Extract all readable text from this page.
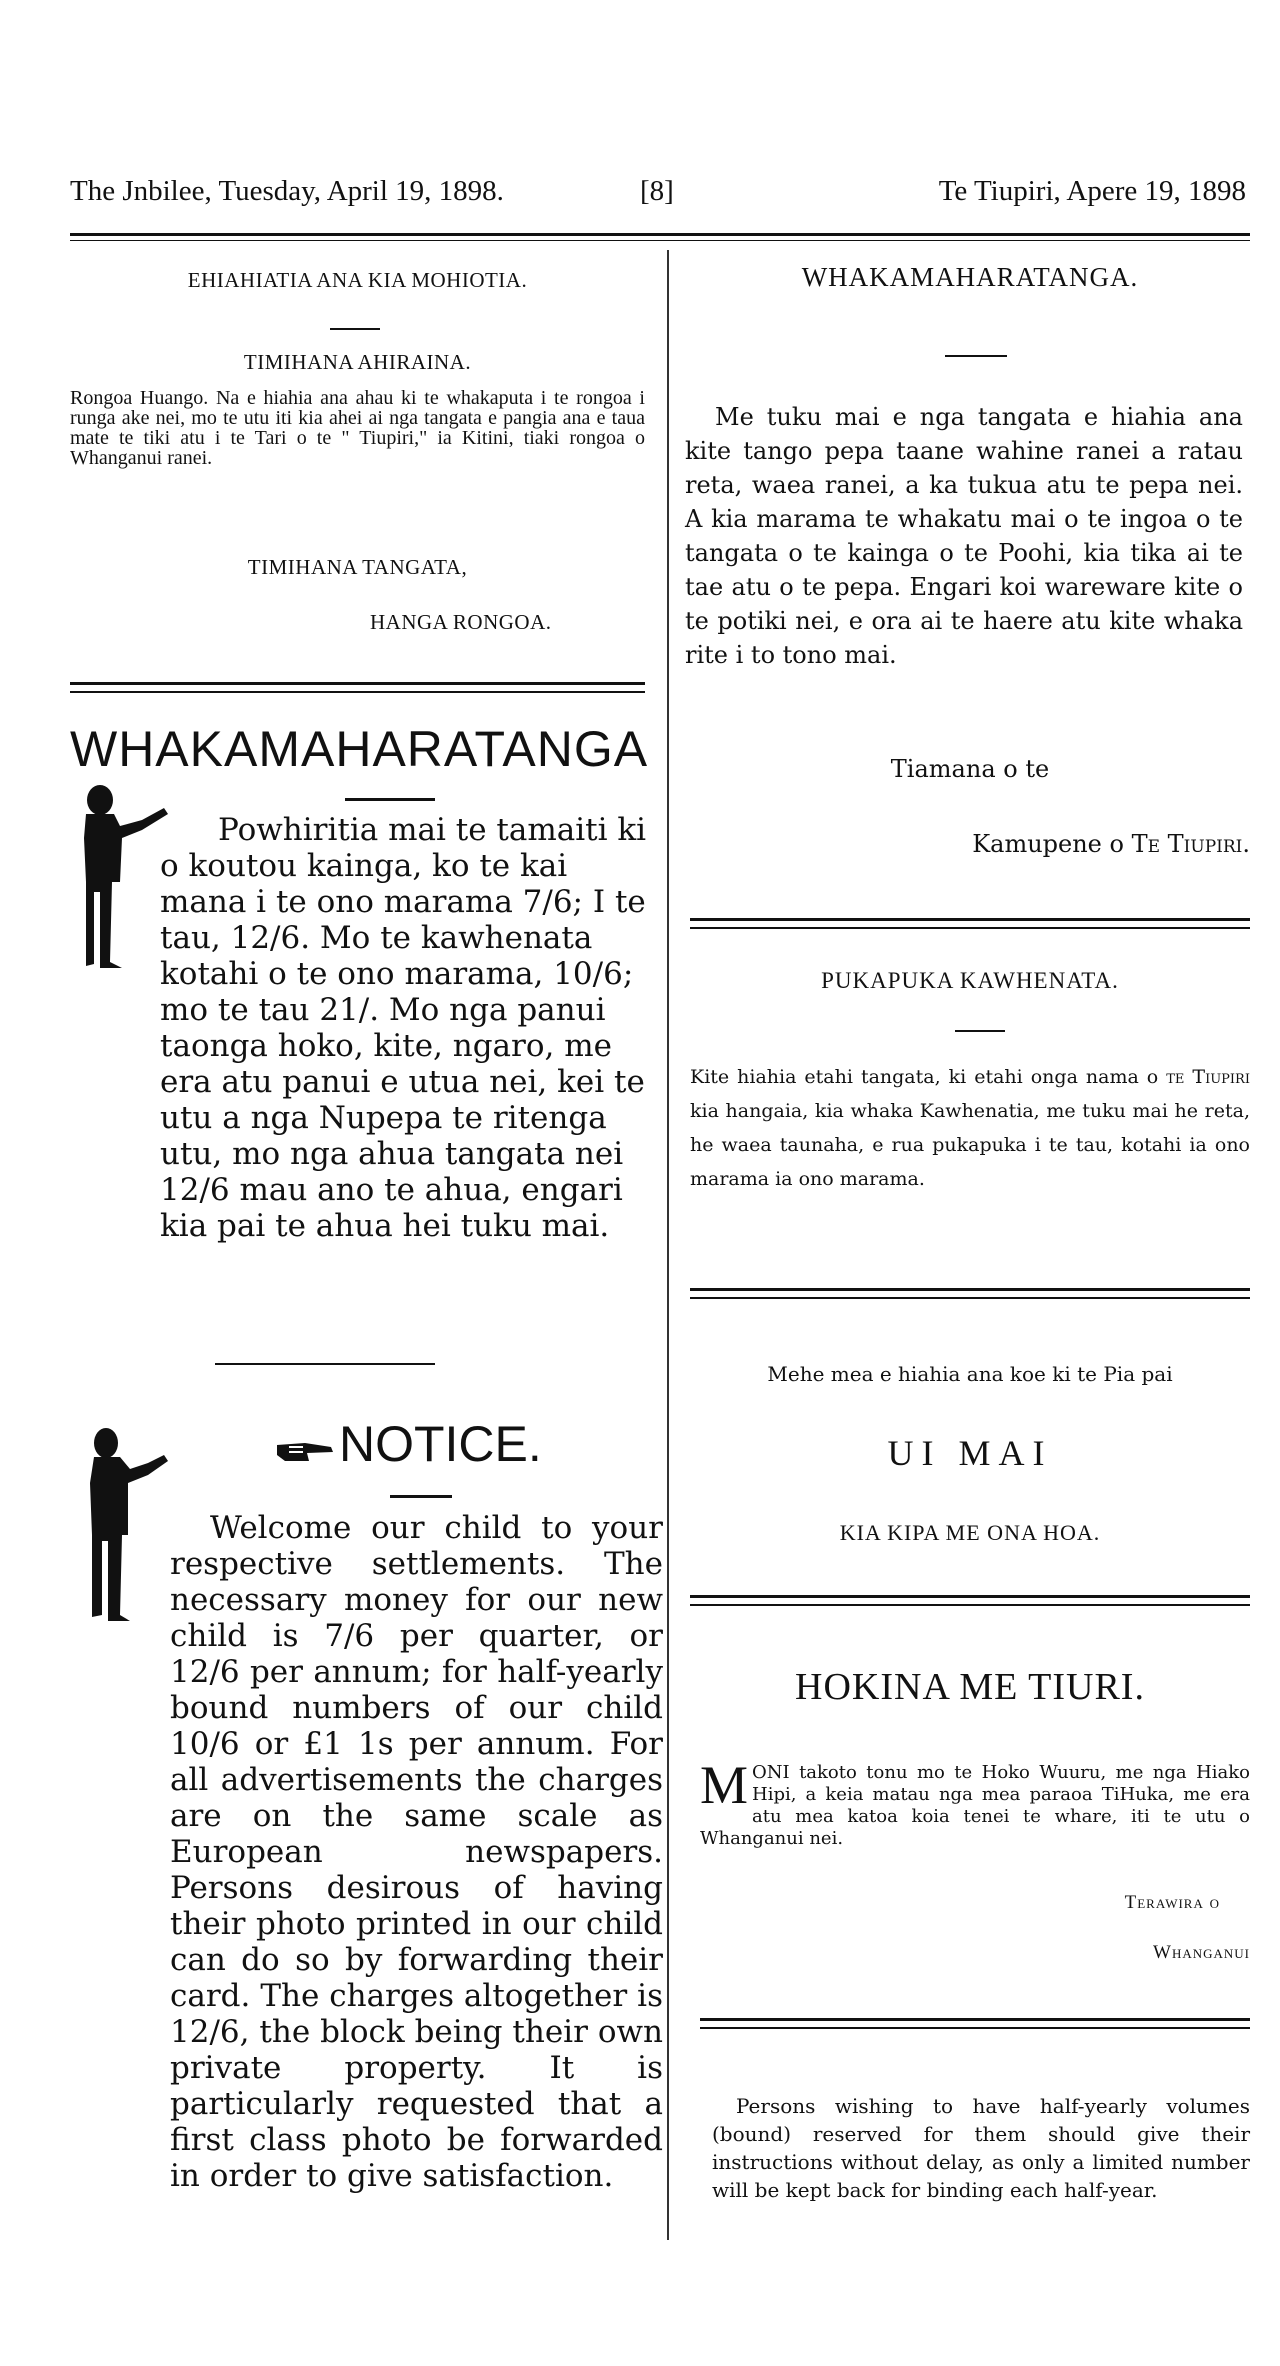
The Jnbilee, Tuesday, April 19, 1898.	[8]	Te Tiupiri, Apere 19, 1898
EHIAHIATIA ANA KIA MOHIOTIA.
TIMIHANA AHIRAINA.
Rongoa Huango. Na e hiahia ana ahau ki te whakaputa i te rongoa i runga ake nei, mo te utu iti kia ahei ai nga tangata e pangia ana e taua mate te tiki atu i te Tari o te " Tiupiri," ia Kitini, tiaki rongoa o Whanganui ranei.
TIMIHANA TANGATA,
HANGA RONGOA.
WHAKAMAHARATANGA
Powhiritia mai te tamaiti ki o koutou kainga, ko te kai mana i te ono marama 7/6; I te tau, 12/6. Mo te kawhenata kotahi o te ono marama, 10/6; mo te tau 21/. Mo nga panui taonga hoko, kite, ngaro, me era atu panui e utua nei, kei te utu a nga Nupepa te ritenga utu, mo nga ahua tangata nei 12/6 mau ano te ahua, engari kia pai te ahua hei tuku mai.
NOTICE.
Welcome our child to your respective settlements. The necessary money for our new child is 7/6 per quarter, or 12/6 per annum; for half-yearly bound numbers of our child 10/6 or £1 1s per annum. For all advertisements the charges are on the same scale as European newspapers. Persons desirous of having their photo printed in our child can do so by forwarding their card. The charges altogether is 12/6, the block being their own private property. It is particularly requested that a first class photo be forwarded in order to give satisfaction.
WHAKAMAHARATANGA.
Me tuku mai e nga tangata e hiahia ana kite tango pepa taane wahine ranei a ratau reta, waea ranei, a ka tukua atu te pepa nei. A kia marama te whakatu mai o te ingoa o te tangata o te kainga o te Poohi, kia tika ai te tae atu o te pepa. Engari koi wareware kite o te potiki nei, e ora ai te haere atu kite whaka rite i to tono mai.
Tiamana o te
Kamupene o Te Tiupiri.
PUKAPUKA KAWHENATA.
Kite hiahia etahi tangata, ki etahi onga nama o te Tiupiri kia hangaia, kia whaka Kawhenatia, me tuku mai he reta, he waea taunaha, e rua pukapuka i te tau, kotahi ia ono marama ia ono marama.
Mehe mea e hiahia ana koe ki te Pia pai
UI MAI
KIA KIPA ME ONA HOA.
HOKINA ME TIURI.
MONI takoto tonu mo te Hoko Wuuru, me nga Hiako Hipi, a keia matau nga mea paraoa TiHuka, me era atu mea katoa koia tenei te whare, iti te utu o Whanganui nei.
Terawira o
Whanganui
Persons wishing to have half-yearly volumes (bound) reserved for them should give their instructions without delay, as only a limited number will be kept back for binding each half-year.
